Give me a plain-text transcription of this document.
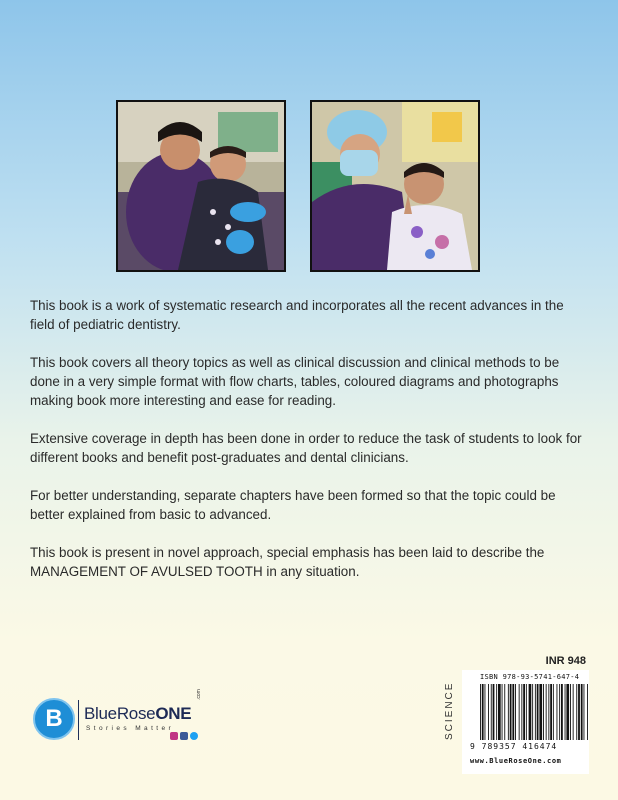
This book is a work of systematic research and incorporates all the recent advances in the field of pediatric dentistry.

This book covers all theory topics as well as clinical discussion and clinical methods to be done in a very simple format with flow charts, tables, coloured diagrams and photographs making book more interesting and ease for reading.

Extensive coverage in depth has been done in order to reduce the task of students to look for different books and benefit post-graduates and dental clinicians.

For better understanding, separate chapters have been formed so that the topic could be better explained from basic to advanced.

This book is present in novel approach, special emphasis has been laid to describe the MANAGEMENT OF AVULSED TOOTH in any situation.

INR 948
SCIENCE
ISBN 978-93-5741-647-4
9 789357 416474
www.BlueRoseOne.com
B	BlueRoseONE
.com
Stories Matter
